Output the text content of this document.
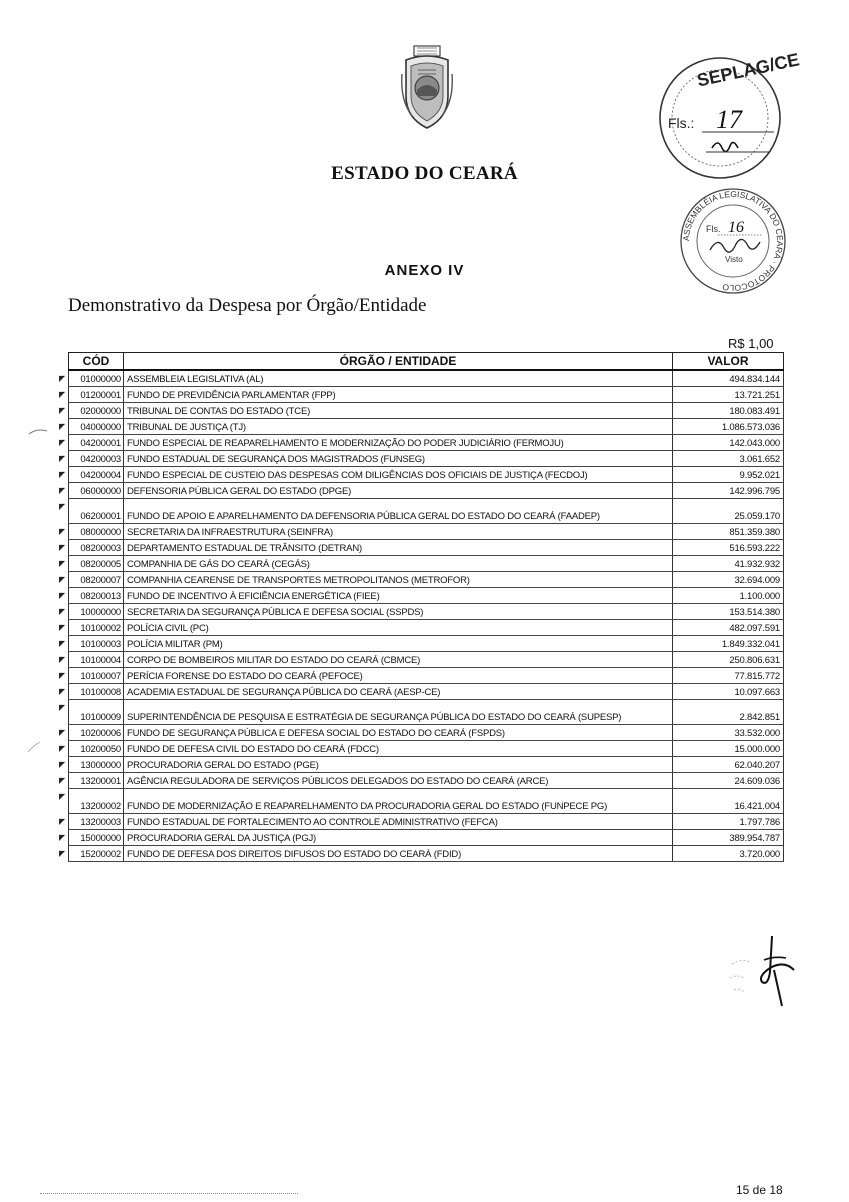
SEPLAG/CE
Fls.: 17
ASSEMBLÉIA LEGISLATIVA DO CEARÁ · PROTOCOLO
Fls. 16
Visto
ESTADO DO CEARÁ
ANEXO IV
Demonstrativo da Despesa por Órgão/Entidade
R$ 1,00
CÓD	ÓRGÃO / ENTIDADE	VALOR

◤ 01000000	ASSEMBLEIA LEGISLATIVA (AL)	494.834.144

◤ 01200001	FUNDO DE PREVIDÊNCIA PARLAMENTAR (FPP)	13.721.251

◤ 02000000	TRIBUNAL DE CONTAS DO ESTADO (TCE)	180.083.491

◤ 04000000	TRIBUNAL DE JUSTIÇA (TJ)	1.086.573.036

◤ 04200001	FUNDO ESPECIAL DE REAPARELHAMENTO E MODERNIZAÇÃO DO PODER JUDICIÁRIO (FERMOJU)	142.043.000

◤ 04200003	FUNDO ESTADUAL DE SEGURANÇA DOS MAGISTRADOS (FUNSEG)	3.061.652

◤ 04200004	FUNDO ESPECIAL DE CUSTEIO DAS DESPESAS COM DILIGÊNCIAS DOS OFICIAIS DE JUSTIÇA (FECDOJ)	9.952.021

◤ 06000000	DEFENSORIA PÚBLICA GERAL DO ESTADO (DPGE)	142.996.795

◤
06200001	FUNDO DE APOIO E APARELHAMENTO DA DEFENSORIA PÚBLICA GERAL DO ESTADO DO CEARÁ (FAADEP)	25.059.170

◤ 08000000	SECRETARIA DA INFRAESTRUTURA (SEINFRA)	851.359.380

◤ 08200003	DEPARTAMENTO ESTADUAL DE TRÂNSITO (DETRAN)	516.593.222

◤ 08200005	COMPANHIA DE GÁS DO CEARÁ (CEGÁS)	41.932.932

◤ 08200007	COMPANHIA CEARENSE DE TRANSPORTES METROPOLITANOS (METROFOR)	32.694.009

◤ 08200013	FUNDO DE INCENTIVO À EFICIÊNCIA ENERGÉTICA (FIEE)	1.100.000

◤ 10000000	SECRETARIA DA SEGURANÇA PÚBLICA E DEFESA SOCIAL (SSPDS)	153.514.380

◤ 10100002	POLÍCIA CIVIL (PC)	482.097.591

◤ 10100003	POLÍCIA MILITAR (PM)	1.849.332.041

◤ 10100004	CORPO DE BOMBEIROS MILITAR DO ESTADO DO CEARÁ (CBMCE)	250.806.631

◤ 10100007	PERÍCIA FORENSE DO ESTADO DO CEARÁ (PEFOCE)	77.815.772

◤ 10100008	ACADEMIA ESTADUAL DE SEGURANÇA PÚBLICA DO CEARÁ (AESP-CE)	10.097.663

◤
10100009	SUPERINTENDÊNCIA DE PESQUISA E ESTRATÉGIA DE SEGURANÇA PÚBLICA DO ESTADO DO CEARÁ (SUPESP)	2.842.851

◤ 10200006	FUNDO DE SEGURANÇA PÚBLICA E DEFESA SOCIAL DO ESTADO DO CEARÁ (FSPDS)	33.532.000

◤ 10200050	FUNDO DE DEFESA CIVIL DO ESTADO DO CEARÁ (FDCC)	15.000.000

◤ 13000000	PROCURADORIA GERAL DO ESTADO (PGE)	62.040.207

◤ 13200001	AGÊNCIA REGULADORA DE SERVIÇOS PÚBLICOS DELEGADOS DO ESTADO DO CEARÁ (ARCE)	24.609.036

◤
13200002	FUNDO DE MODERNIZAÇÃO E REAPARELHAMENTO DA PROCURADORIA GERAL DO ESTADO (FUNPECE PG)	16.421.004

◤ 13200003	FUNDO ESTADUAL DE FORTALECIMENTO AO CONTROLE ADMINISTRATIVO (FEFCA)	1.797.786

◤ 15000000	PROCURADORIA GERAL DA JUSTIÇA (PGJ)	389.954.787

◤ 15200002	FUNDO DE DEFESA DOS DIREITOS DIFUSOS DO ESTADO DO CEARÁ (FDID)	3.720.000
15 de 18
